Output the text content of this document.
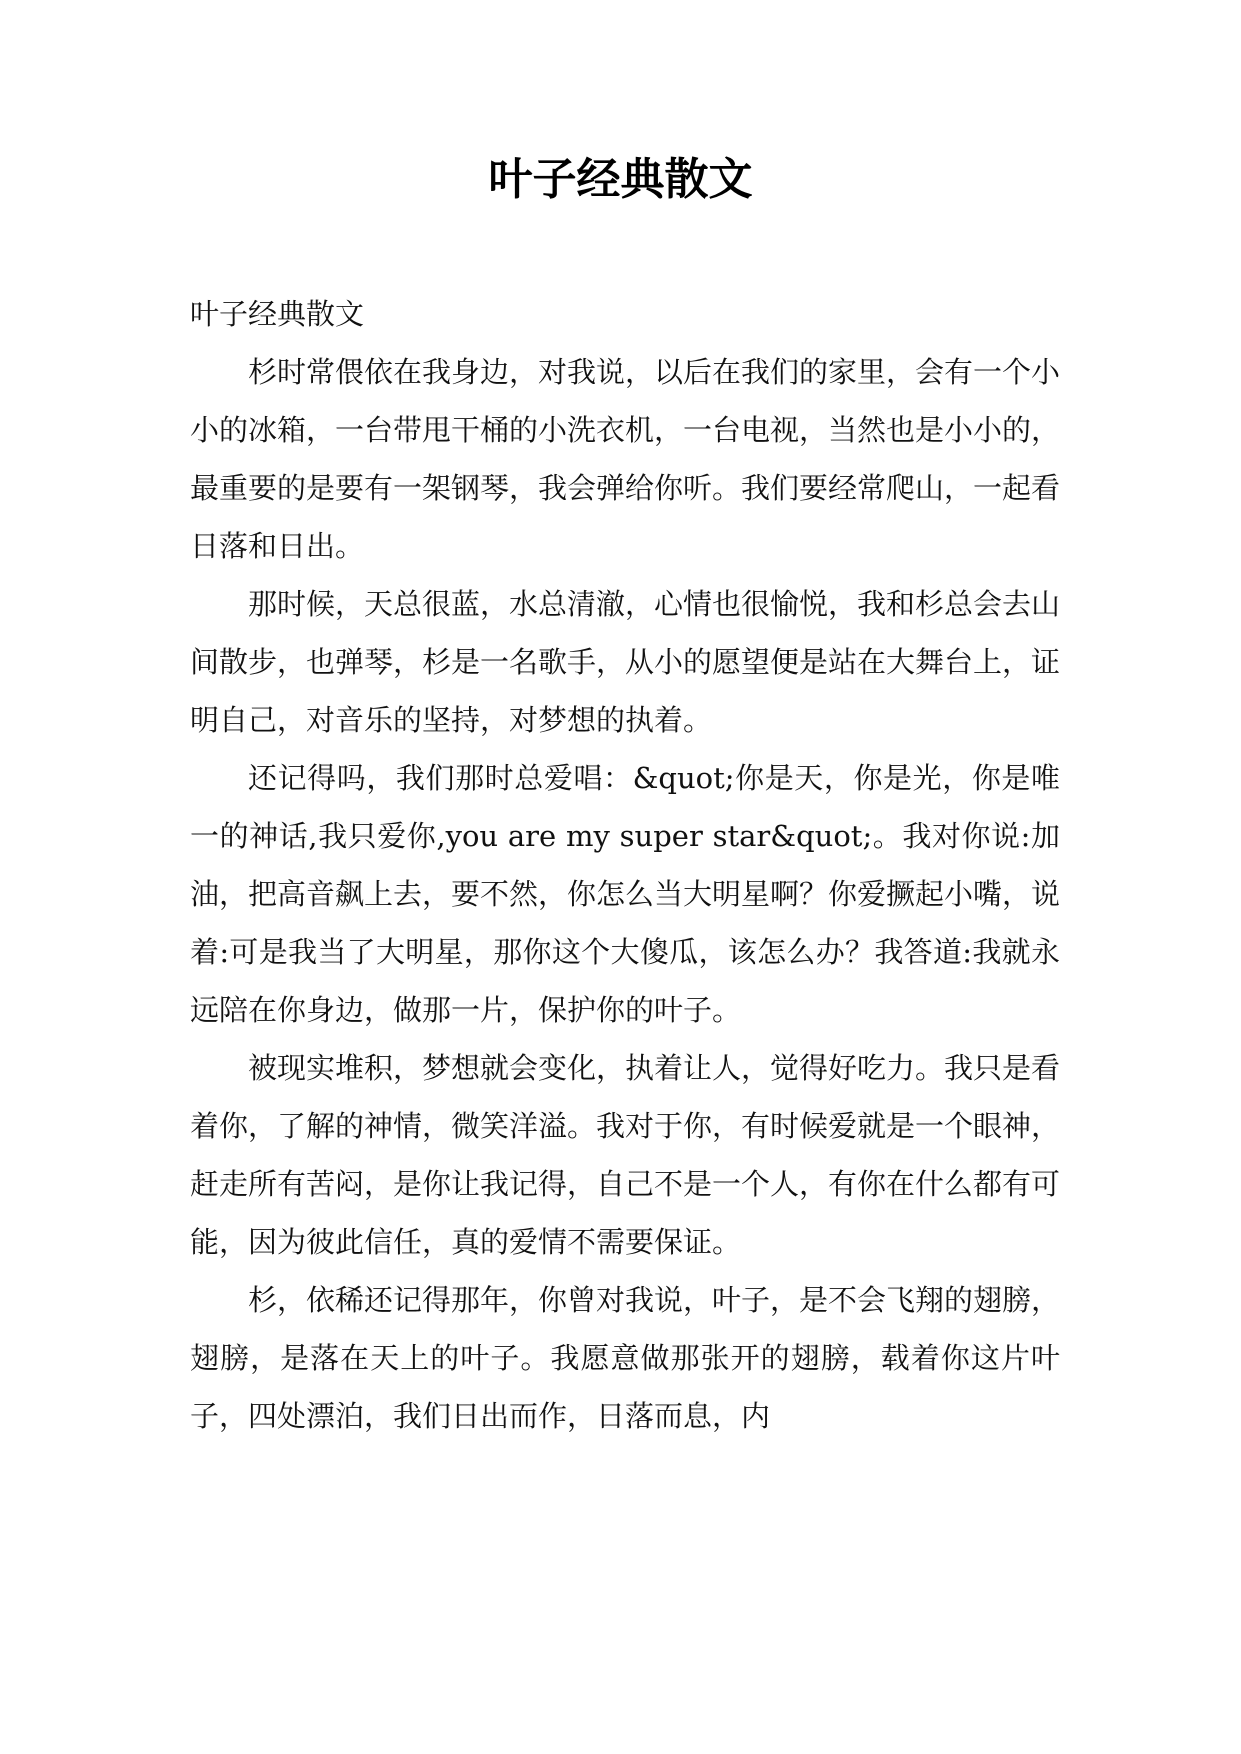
叶子经典散文

叶子经典散文

杉时常偎依在我身边，对我说，以后在我们的家里，会有一个小小的冰箱，一台带甩干桶的小洗衣机，一台电视，当然也是小小的，最重要的是要有一架钢琴，我会弹给你听。我们要经常爬山，一起看日落和日出。

那时候，天总很蓝，水总清澈，心情也很愉悦，我和杉总会去山间散步，也弹琴，杉是一名歌手，从小的愿望便是站在大舞台上，证明自己，对音乐的坚持，对梦想的执着。

还记得吗，我们那时总爱唱：&quot;你是天，你是光，你是唯一的神话,我只爱你,you are my super star&quot;。我对你说:加油，把高音飙上去，要不然，你怎么当大明星啊？你爱撅起小嘴，说着:可是我当了大明星，那你这个大傻瓜，该怎么办？我答道:我就永远陪在你身边，做那一片，保护你的叶子。

被现实堆积，梦想就会变化，执着让人，觉得好吃力。我只是看着你，了解的神情，微笑洋溢。我对于你，有时候爱就是一个眼神，赶走所有苦闷，是你让我记得，自己不是一个人，有你在什么都有可能，因为彼此信任，真的爱情不需要保证。

杉，依稀还记得那年，你曾对我说，叶子，是不会飞翔的翅膀，翅膀，是落在天上的叶子。我愿意做那张开的翅膀，载着你这片叶子，四处漂泊，我们日出而作，日落而息，内
